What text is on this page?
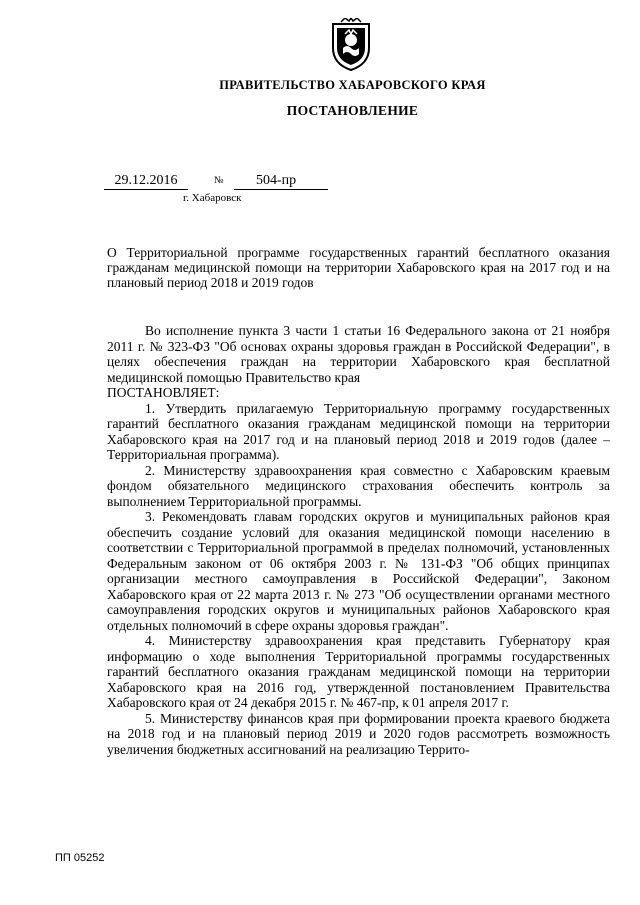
ПРАВИТЕЛЬСТВО ХАБАРОВСКОГО КРАЯ
ПОСТАНОВЛЕНИЕ
29.12.2016	№	504-пр
г. Хабаровск
О Территориальной программе государственных гарантий бесплатного оказания гражданам медицинской помощи на территории Хабаровского края на 2017 год и на плановый период 2018 и 2019 годов

Во исполнение пункта 3 части 1 статьи 16 Федерального закона от 21 ноября 2011 г. № 323-ФЗ "Об основах охраны здоровья граждан в Российской Федерации", в целях обеспечения граждан на территории Хабаровского края бесплатной медицинской помощью Правительство края

ПОСТАНОВЛЯЕТ:

1. Утвердить прилагаемую Территориальную программу государственных гарантий бесплатного оказания гражданам медицинской помощи на территории Хабаровского края на 2017 год и на плановый период 2018 и 2019 годов (далее – Территориальная программа).

2. Министерству здравоохранения края совместно с Хабаровским краевым фондом обязательного медицинского страхования обеспечить контроль за выполнением Территориальной программы.

3. Рекомендовать главам городских округов и муниципальных районов края обеспечить создание условий для оказания медицинской помощи населению в соответствии с Территориальной программой в пределах полномочий, установленных Федеральным законом от 06 октября 2003 г. № 131-ФЗ "Об общих принципах организации местного самоуправления в Российской Федерации", Законом Хабаровского края от 22 марта 2013 г. № 273 "Об осуществлении органами местного самоуправления городских округов и муниципальных районов Хабаровского края отдельных полномочий в сфере охраны здоровья граждан".

4. Министерству здравоохранения края представить Губернатору края информацию о ходе выполнения Территориальной программы государственных гарантий бесплатного оказания гражданам медицинской помощи на территории Хабаровского края на 2016 год, утвержденной постановлением Правительства Хабаровского края от 24 декабря 2015 г. № 467-пр, к 01 апреля 2017 г.

5. Министерству финансов края при формировании проекта краевого бюджета на 2018 год и на плановый период 2019 и 2020 годов рассмотреть возможность увеличения бюджетных ассигнований на реализацию Террито-

ПП 05252
